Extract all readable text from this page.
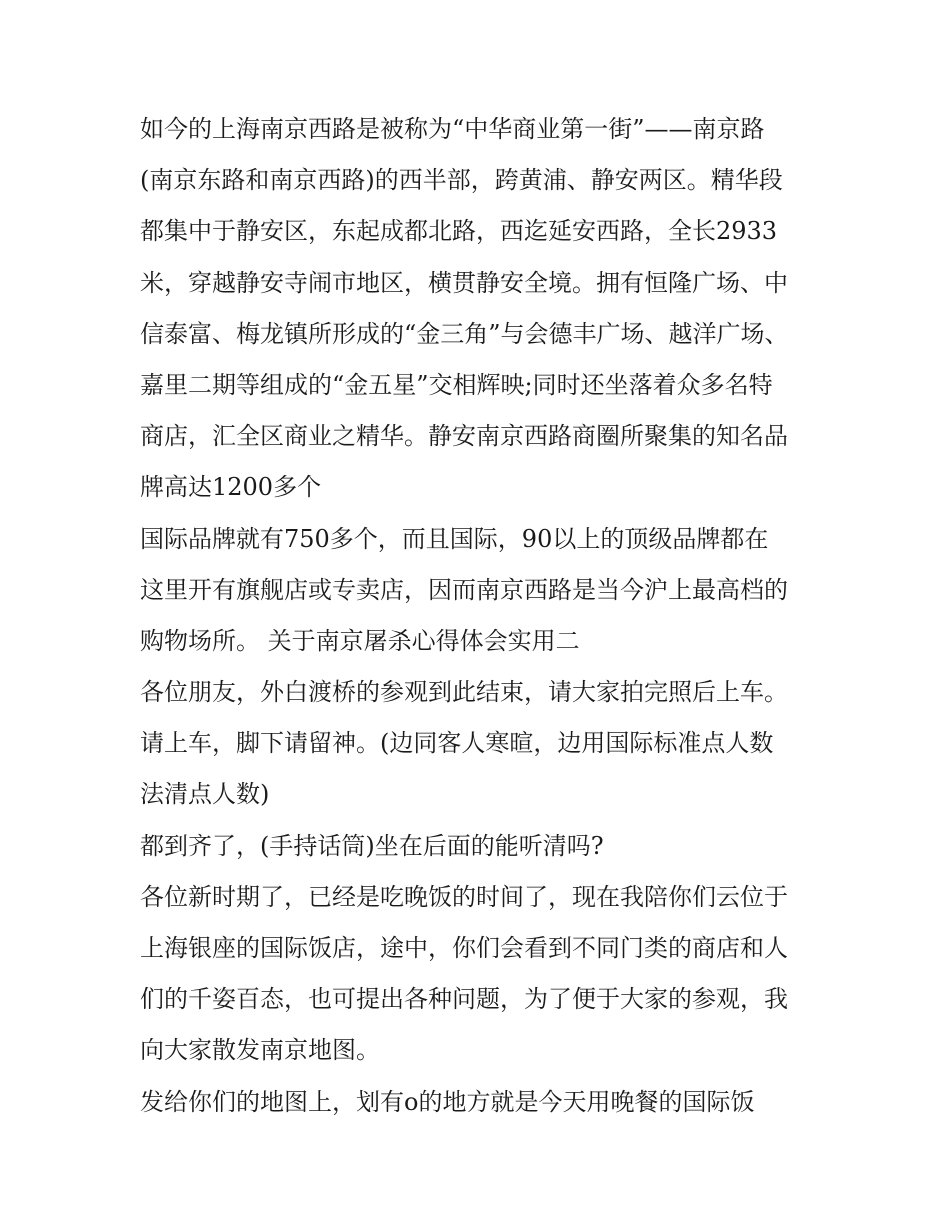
如今的上海南京西路是被称为“中华商业第一街”——南京路
(南京东路和南京西路)的西半部，跨黄浦、静安两区。精华段
都集中于静安区，东起成都北路，西迄延安西路，全长2933
米，穿越静安寺闹市地区，横贯静安全境。拥有恒隆广场、中
信泰富、梅龙镇所形成的“金三角”与会德丰广场、越洋广场、
嘉里二期等组成的“金五星”交相辉映;同时还坐落着众多名特
商店，汇全区商业之精华。静安南京西路商圈所聚集的知名品
牌高达1200多个
国际品牌就有750多个，而且国际，90以上的顶级品牌都在
这里开有旗舰店或专卖店，因而南京西路是当今沪上最高档的
购物场所。 关于南京屠杀心得体会实用二
各位朋友，外白渡桥的参观到此结束，请大家拍完照后上车。
请上车，脚下请留神。(边同客人寒暄，边用国际标准点人数
法清点人数)
都到齐了，(手持话筒)坐在后面的能听清吗?
各位新时期了，已经是吃晚饭的时间了，现在我陪你们云位于
上海银座的国际饭店，途中，你们会看到不同门类的商店和人
们的千姿百态，也可提出各种问题，为了便于大家的参观，我
向大家散发南京地图。
发给你们的地图上，划有o的地方就是今天用晚餐的国际饭
